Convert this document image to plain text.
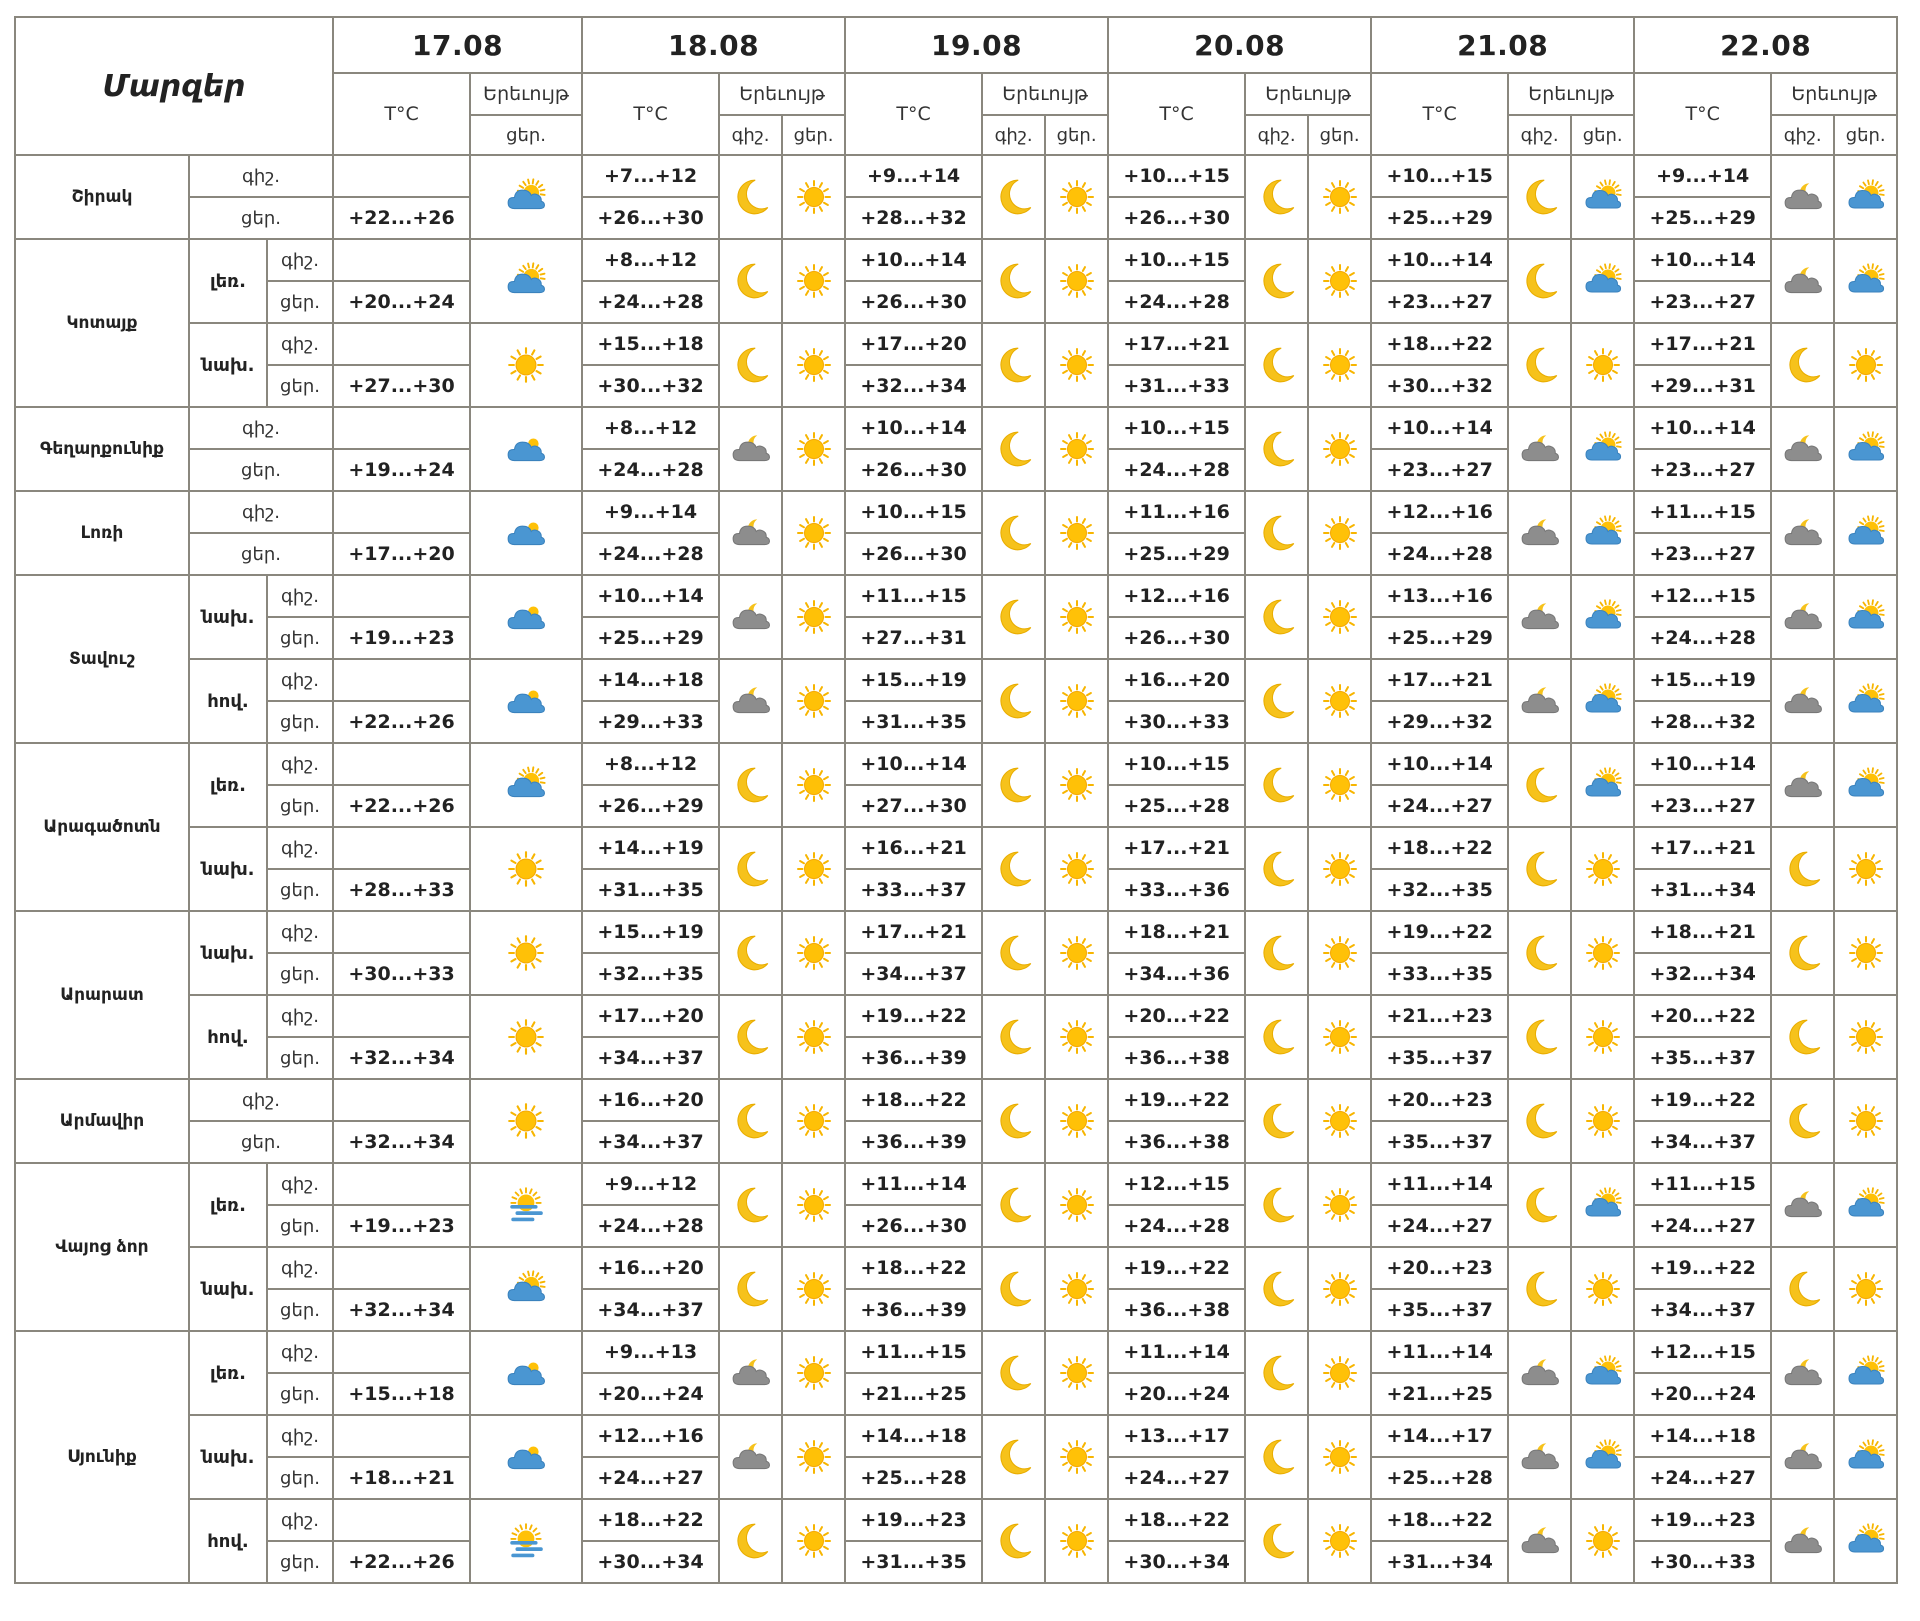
Մարզեր			17.08		18.08			19.08			20.08			21.08			22.08		
			T°C	Երեւույթ	T°C	Երեւույթ		T°C	Երեւույթ		T°C	Երեւույթ		T°C	Երեւույթ		T°C	Երեւույթ	
				ցեր.		գիշ.	ցեր.		գիշ.	ցեր.		գիշ.	ցեր.		գիշ.	ցեր.		գիշ.	ցեր.
Շիրակ	գիշ.				+7...+12			+9...+14			+10...+15			+10...+15			+9...+14	

	ցեր.		+22...+26		+26...+30			+28...+32			+26...+30			+25...+29			+25...+29		
Կոտայք	լեռ.	գիշ.			+8...+12			+10...+14			+10...+15			+10...+14			+10...+14	

		ցեր.	+20...+24		+24...+28			+26...+30			+24...+28			+23...+27			+23...+27		
	նախ.	գիշ.			+15...+18			+17...+20			+17...+21			+18...+22			+17...+21	

		ցեր.	+27...+30		+30...+32			+32...+34			+31...+33			+30...+32			+29...+31		
Գեղարքունիք	գիշ.				+8...+12			+10...+14			+10...+15			+10...+14			+10...+14	

	ցեր.		+19...+24		+24...+28			+26...+30			+24...+28			+23...+27			+23...+27		
Լոռի	գիշ.				+9...+14			+10...+15			+11...+16			+12...+16			+11...+15	

	ցեր.		+17...+20		+24...+28			+26...+30			+25...+29			+24...+28			+23...+27		
Տավուշ	նախ.	գիշ.			+10...+14			+11...+15			+12...+16			+13...+16			+12...+15	

		ցեր.	+19...+23		+25...+29			+27...+31			+26...+30			+25...+29			+24...+28		
	հով.	գիշ.			+14...+18			+15...+19			+16...+20			+17...+21			+15...+19	

		ցեր.	+22...+26		+29...+33			+31...+35			+30...+33			+29...+32			+28...+32		
Արագածոտն	լեռ.	գիշ.			+8...+12			+10...+14			+10...+15			+10...+14			+10...+14	

		ցեր.	+22...+26		+26...+29			+27...+30			+25...+28			+24...+27			+23...+27		
	նախ.	գիշ.			+14...+19			+16...+21			+17...+21			+18...+22			+17...+21	

		ցեր.	+28...+33		+31...+35			+33...+37			+33...+36			+32...+35			+31...+34		
Արարատ	նախ.	գիշ.			+15...+19			+17...+21			+18...+21			+19...+22			+18...+21	

		ցեր.	+30...+33		+32...+35			+34...+37			+34...+36			+33...+35			+32...+34		
	հով.	գիշ.			+17...+20			+19...+22			+20...+22			+21...+23			+20...+22	

		ցեր.	+32...+34		+34...+37			+36...+39			+36...+38			+35...+37			+35...+37		
Արմավիր	գիշ.				+16...+20			+18...+22			+19...+22			+20...+23			+19...+22	

	ցեր.		+32...+34		+34...+37			+36...+39			+36...+38			+35...+37			+34...+37		
Վայոց ձոր	լեռ.	գիշ.			+9...+12			+11...+14			+12...+15			+11...+14			+11...+15	

		ցեր.	+19...+23		+24...+28			+26...+30			+24...+28			+24...+27			+24...+27		
	նախ.	գիշ.			+16...+20			+18...+22			+19...+22			+20...+23			+19...+22	

		ցեր.	+32...+34		+34...+37			+36...+39			+36...+38			+35...+37			+34...+37		
Սյունիք	լեռ.	գիշ.			+9...+13			+11...+15			+11...+14			+11...+14			+12...+15	

		ցեր.	+15...+18		+20...+24			+21...+25			+20...+24			+21...+25			+20...+24		
	նախ.	գիշ.			+12...+16			+14...+18			+13...+17			+14...+17			+14...+18	

		ցեր.	+18...+21		+24...+27			+25...+28			+24...+27			+25...+28			+24...+27		
	հով.	գիշ.			+18...+22			+19...+23			+18...+22			+18...+22			+19...+23	

		ցեր.	+22...+26		+30...+34			+31...+35			+30...+34			+31...+34			+30...+33		
